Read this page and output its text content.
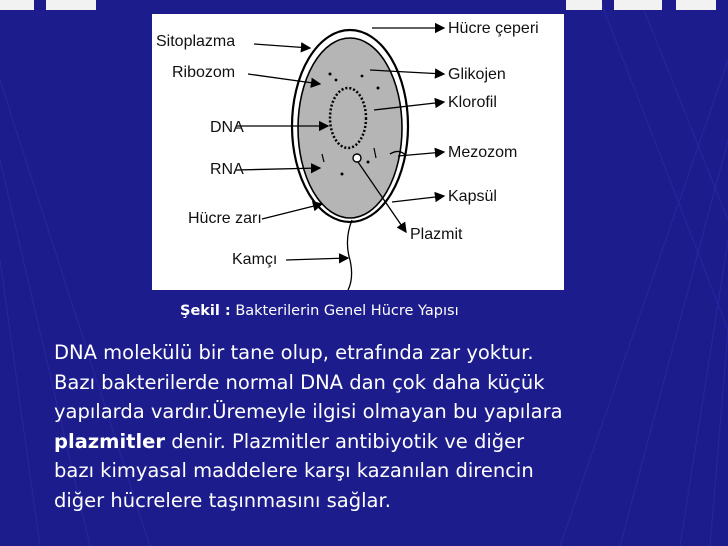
Sitoplazma
Ribozom
DNA
RNA
Hücre zarı
Kamçı
Hücre çeperi
Glikojen
Klorofil
Mezozom
Kapsül
Plazmit
Şekil : Bakterilerin Genel Hücre Yapısı

DNA molekülü bir tane olup, etrafında zar yoktur.

Bazı bakterilerde normal DNA dan çok daha küçük

yapılarda vardır.Üremeyle ilgisi olmayan bu yapılara

plazmitler denir. Plazmitler antibiyotik ve diğer

bazı kimyasal maddelere karşı kazanılan direncin

diğer hücrelere taşınmasını sağlar.
